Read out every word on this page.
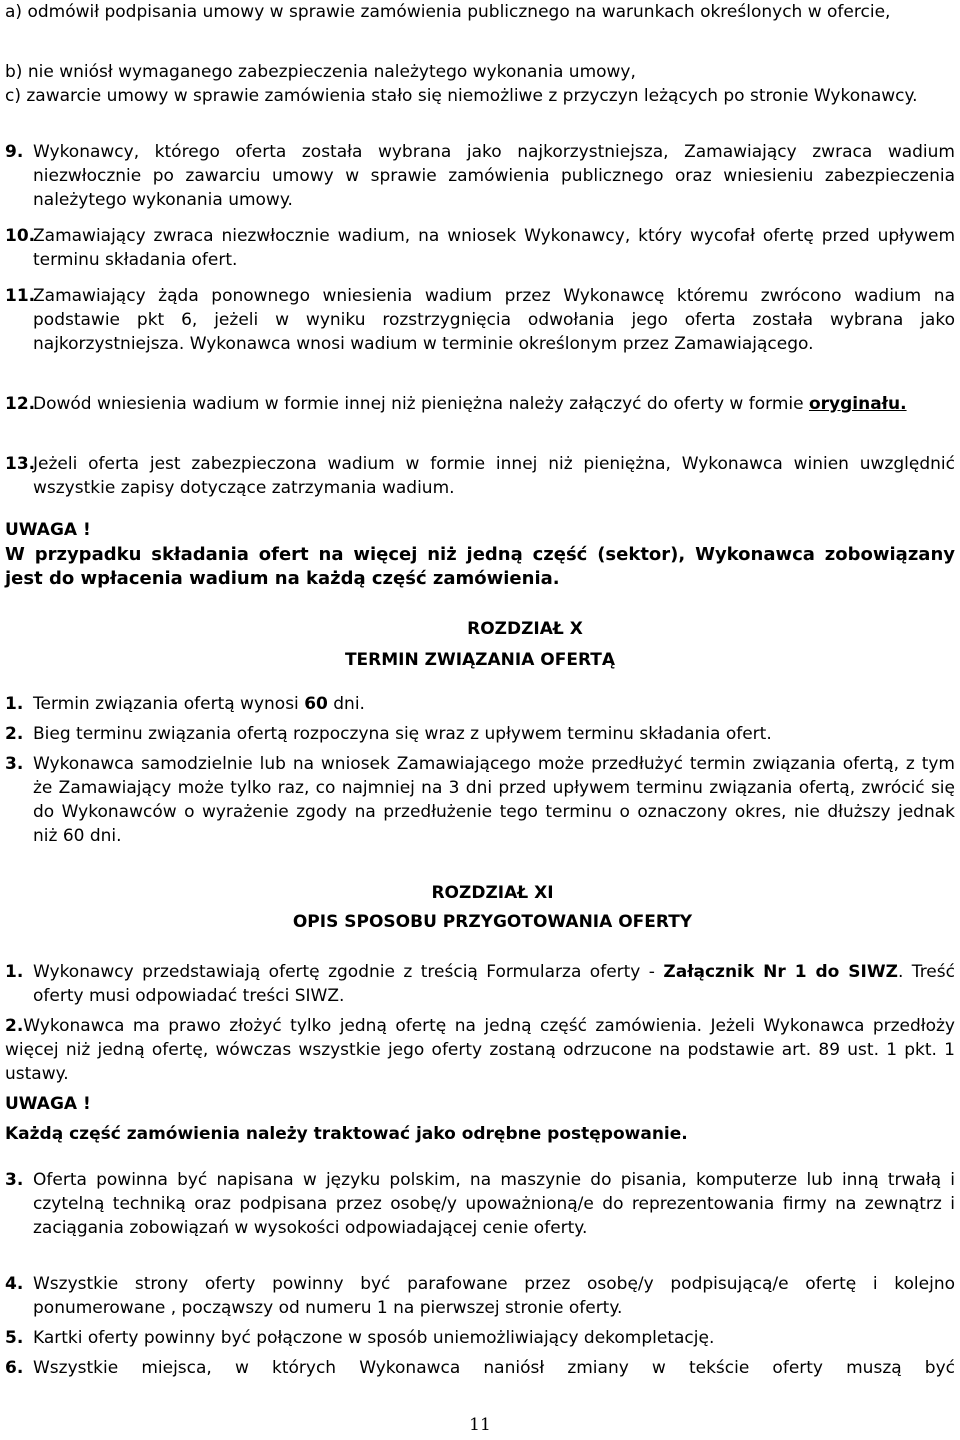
a) odmówił podpisania umowy w sprawie zamówienia publicznego na warunkach określonych w ofercie,

b) nie wniósł wymaganego zabezpieczenia należytego wykonania umowy,

c) zawarcie umowy w sprawie zamówienia stało się niemożliwe z przyczyn leżących po stronie Wykonawcy.

9. Wykonawcy, którego oferta została wybrana jako najkorzystniejsza, Zamawiający zwraca wadium niezwłocznie po zawarciu umowy w sprawie zamówienia publicznego oraz wniesieniu zabezpieczenia należytego wykonania umowy.

10.

Zamawiający zwraca niezwłocznie wadium, na wniosek Wykonawcy, który wycofał ofertę przed upływem terminu składania ofert.

11.

Zamawiający żąda ponownego wniesienia wadium przez Wykonawcę któremu zwrócono wadium na podstawie pkt 6, jeżeli w wyniku rozstrzygnięcia odwołania jego oferta została wybrana jako najkorzystniejsza. Wykonawca wnosi wadium w terminie określonym przez Zamawiającego.

12.

Dowód wniesienia wadium w formie innej niż pieniężna należy załączyć do oferty w formie oryginału.

13.

Jeżeli oferta jest zabezpieczona wadium w formie innej niż pieniężna, Wykonawca winien uwzględnić wszystkie zapisy dotyczące zatrzymania wadium.

UWAGA !

W przypadku składania ofert na więcej niż jedną część (sektor), Wykonawca zobowiązany jest do wpłacenia wadium na każdą część zamówienia.

ROZDZIAŁ X

TERMIN ZWIĄZANIA OFERTĄ

1. Termin związania ofertą wynosi 60 dni.

2. Bieg terminu związania ofertą rozpoczyna się wraz z upływem terminu składania ofert.

3. Wykonawca samodzielnie lub na wniosek Zamawiającego może przedłużyć termin związania ofertą, z tym że Zamawiający może tylko raz, co najmniej na 3 dni przed upływem terminu związania ofertą, zwrócić się do Wykonawców o wyrażenie zgody na przedłużenie tego terminu o oznaczony okres, nie dłuższy jednak niż 60 dni.

ROZDZIAŁ XI

OPIS SPOSOBU PRZYGOTOWANIA OFERTY

1. Wykonawcy przedstawiają ofertę zgodnie z treścią Formularza oferty - Załącznik Nr 1 do SIWZ. Treść oferty musi odpowiadać treści SIWZ.

2.Wykonawca ma prawo złożyć tylko jedną ofertę na jedną część zamówienia. Jeżeli Wykonawca przedłoży więcej niż jedną ofertę, wówczas wszystkie jego oferty zostaną odrzucone na podstawie art. 89 ust. 1 pkt. 1 ustawy.

UWAGA !

Każdą część zamówienia należy traktować jako odrębne postępowanie.

3. Oferta powinna być napisana w języku polskim, na maszynie do pisania, komputerze lub inną trwałą i czytelną techniką oraz podpisana przez osobę/y upoważnioną/e do reprezentowania firmy na zewnątrz i zaciągania zobowiązań w wysokości odpowiadającej cenie oferty.

4. Wszystkie strony oferty powinny być parafowane przez osobę/y podpisującą/e ofertę i kolejno ponumerowane , począwszy od numeru 1 na pierwszej stronie oferty.

5. Kartki oferty powinny być połączone w sposób uniemożliwiający dekompletację.

6. Wszystkie miejsca, w których Wykonawca naniósł zmiany w tekście oferty muszą być

11
